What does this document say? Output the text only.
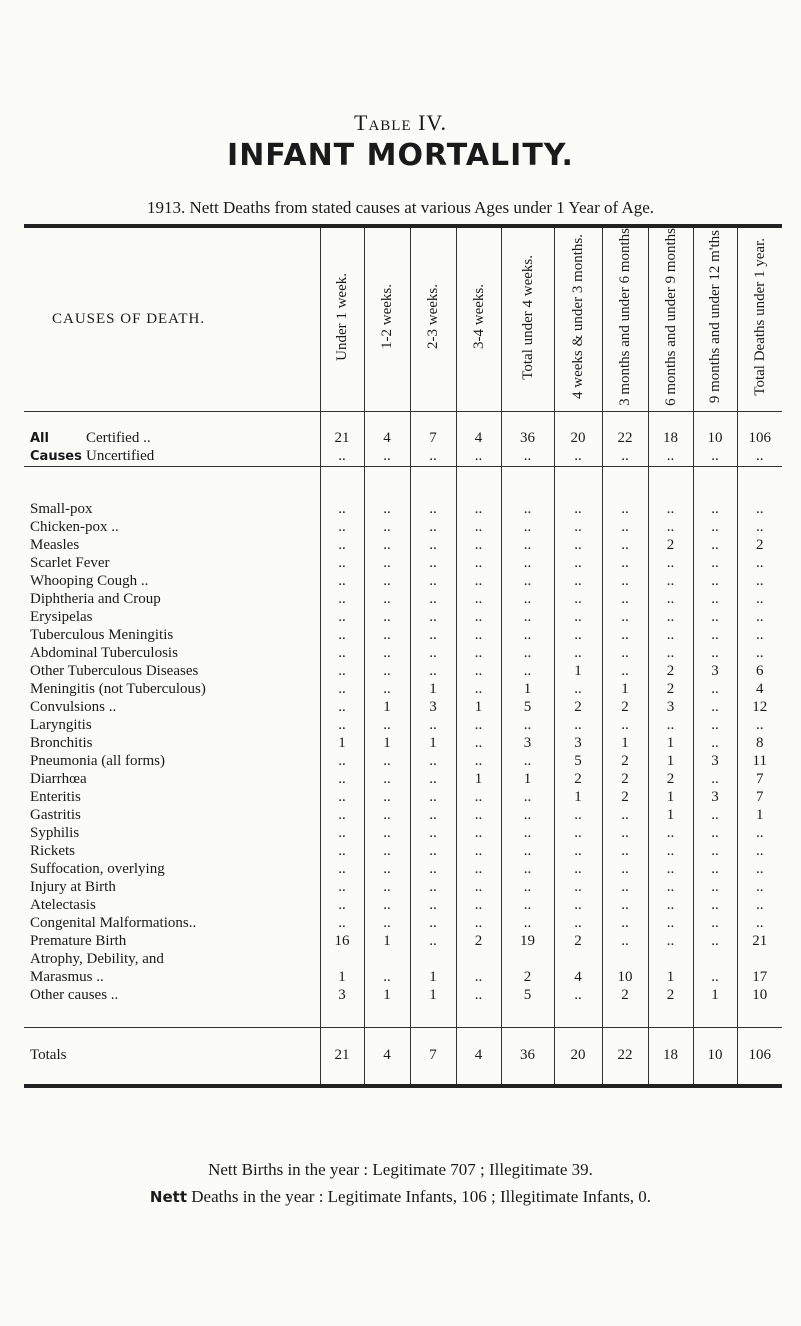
Table IV.
INFANT MORTALITY.
1913. Nett Deaths from stated causes at various Ages under 1 Year of Age.
CAUSES OF DEATH.	Under 1 week.	1-2 weeks.	2-3 weeks.	3-4 weeks.	Total under 4 weeks.	4 weeks & under 3 months.	3 months and under 6 months	6 months and under 9 months	9 months and under 12 m'ths	Total Deaths under 1 year.

All Certified ..	21	4	7	4	36	20	22	18	10	106
Causes Uncertified	..	..	..	..	..	..	..	..	..	..

Small-pox	..	..	..	..	..	..	..	..	..	..
Chicken-pox ..	..	..	..	..	..	..	..	..	..	..
Measles	..	..	..	..	..	..	..	2	..	2
Scarlet Fever	..	..	..	..	..	..	..	..	..	..
Whooping Cough ..	..	..	..	..	..	..	..	..	..	..
Diphtheria and Croup	..	..	..	..	..	..	..	..	..	..
Erysipelas	..	..	..	..	..	..	..	..	..	..
Tuberculous Meningitis	..	..	..	..	..	..	..	..	..	..
Abdominal Tuberculosis	..	..	..	..	..	..	..	..	..	..
Other Tuberculous Diseases	..	..	..	..	..	1	..	2	3	6
Meningitis (not Tuberculous)	..	..	1	..	1	..	1	2	..	4
Convulsions ..	..	1	3	1	5	2	2	3	..	12
Laryngitis	..	..	..	..	..	..	..	..	..	..
Bronchitis	1	1	1	..	3	3	1	1	..	8
Pneumonia (all forms)	..	..	..	..	..	5	2	1	3	11
Diarrhœa	..	..	..	1	1	2	2	2	..	7
Enteritis	..	..	..	..	..	1	2	1	3	7
Gastritis	..	..	..	..	..	..	..	1	..	1
Syphilis	..	..	..	..	..	..	..	..	..	..
Rickets	..	..	..	..	..	..	..	..	..	..
Suffocation, overlying	..	..	..	..	..	..	..	..	..	..
Injury at Birth	..	..	..	..	..	..	..	..	..	..
Atelectasis	..	..	..	..	..	..	..	..	..	..
Congenital Malformations..	..	..	..	..	..	..	..	..	..	..
Premature Birth	16	1	..	2	19	2	..	..	..	21
Atrophy, Debility, and										
Marasmus ..	1	..	1	..	2	4	10	1	..	17
Other causes ..	3	1	1	..	5	..	2	2	1	10

Totals	21	4	7	4	36	20	22	18	10	106
Nett Births in the year : Legitimate 707 ; Illegitimate 39.
Nett Deaths in the year : Legitimate Infants, 106 ; Illegitimate Infants, 0.
